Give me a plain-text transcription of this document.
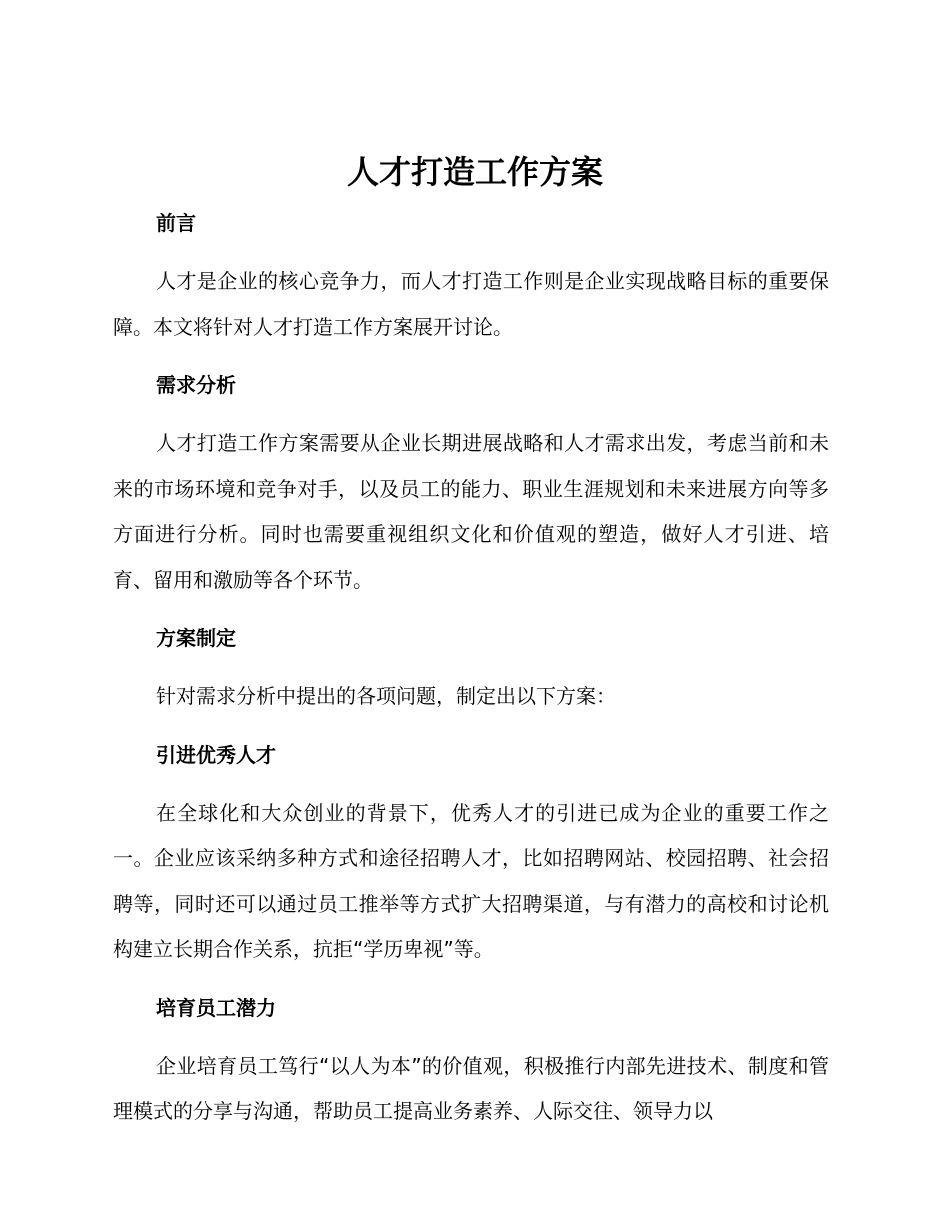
人才打造工作方案
前言

人才是企业的核心竞争力，而人才打造工作则是企业实现战略目标的重要保障。本文将针对人才打造工作方案展开讨论。

需求分析

人才打造工作方案需要从企业长期进展战略和人才需求出发，考虑当前和未来的市场环境和竞争对手，以及员工的能力、职业生涯规划和未来进展方向等多方面进行分析。同时也需要重视组织文化和价值观的塑造，做好人才引进、培育、留用和激励等各个环节。

方案制定

针对需求分析中提出的各项问题，制定出以下方案：

引进优秀人才

在全球化和大众创业的背景下，优秀人才的引进已成为企业的重要工作之一。企业应该采纳多种方式和途径招聘人才，比如招聘网站、校园招聘、社会招聘等，同时还可以通过员工推举等方式扩大招聘渠道，与有潜力的高校和讨论机构建立长期合作关系，抗拒“学历卑视”等。

培育员工潜力

企业培育员工笃行“以人为本”的价值观，积极推行内部先进技术、制度和管理模式的分享与沟通，帮助员工提高业务素养、人际交往、领导力以
